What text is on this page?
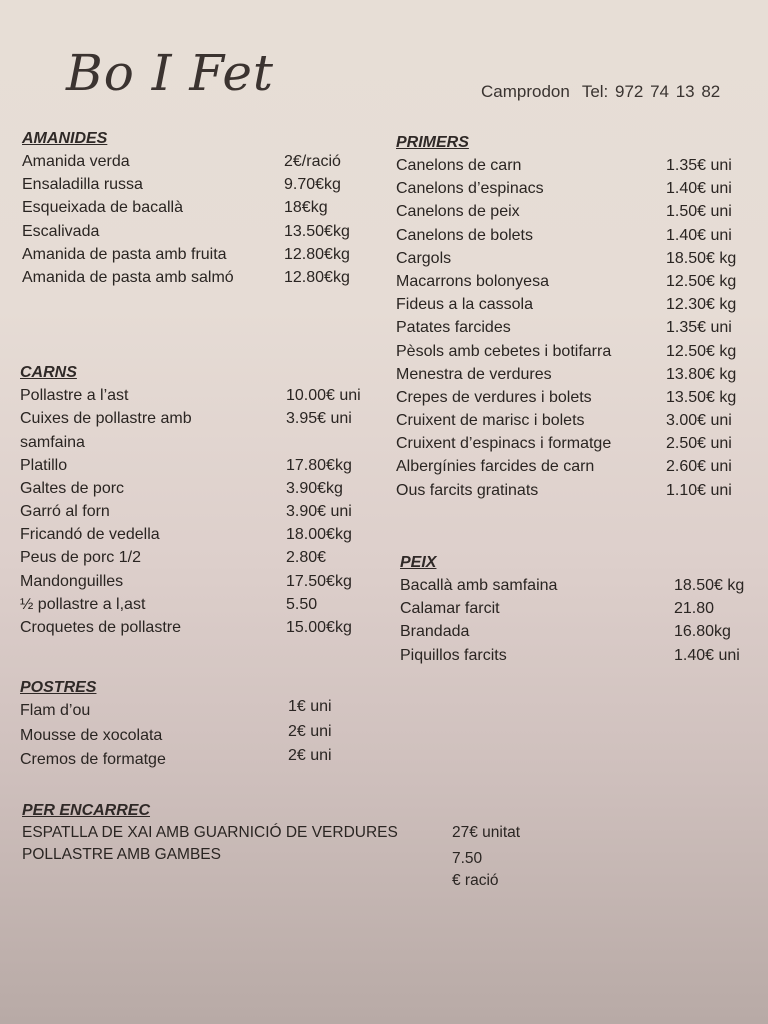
Bo I Fet	Camprodon Tel: 972 74 13 82
AMANIDES
Amanida verda	2€/ració
Ensaladilla russa	9.70€kg
Esqueixada de bacallà	18€kg
Escalivada	13.50€kg
Amanida de pasta amb fruita	12.80€kg
Amanida de pasta amb salmó	12.80€kg
CARNS
Pollastre a l’ast	10.00€ uni
Cuixes de pollastre amb samfaina
3.95€ uni
Platillo	17.80€kg
Galtes de porc	3.90€kg
Garró al forn	3.90€ uni
Fricandó de vedella	18.00€kg
Peus de porc 1/2	2.80€
Mandonguilles	17.50€kg
½ pollastre a l,ast	5.50
Croquetes de pollastre	15.00€kg
POSTRES
Flam d’ou	1€ uni
Mousse de xocolata	2€ uni
Cremos de formatge	2€ uni
PER ENCARREC
ESPATLLA DE XAI AMB GUARNICIÓ DE VERDURES	27€ unitat
POLLASTRE AMB GAMBES	7.50
€ ració
PRIMERS
Canelons de carn	1.35€ uni
Canelons d’espinacs	1.40€ uni
Canelons de peix	1.50€ uni
Canelons de bolets	1.40€ uni
Cargols	18.50€ kg
Macarrons bolonyesa	12.50€ kg
Fideus a la cassola	12.30€ kg
Patates farcides	1.35€ uni
Pèsols amb cebetes i botifarra	12.50€ kg
Menestra de verdures	13.80€ kg
Crepes de verdures i bolets	13.50€ kg
Cruixent de marisc i bolets	3.00€ uni
Cruixent d’espinacs i formatge	2.50€ uni
Albergínies farcides de carn	2.60€ uni
Ous farcits gratinats	1.10€ uni
PEIX
Bacallà amb samfaina	18.50€ kg
Calamar farcit	21.80
Brandada	16.80kg
Piquillos farcits	1.40€ uni
